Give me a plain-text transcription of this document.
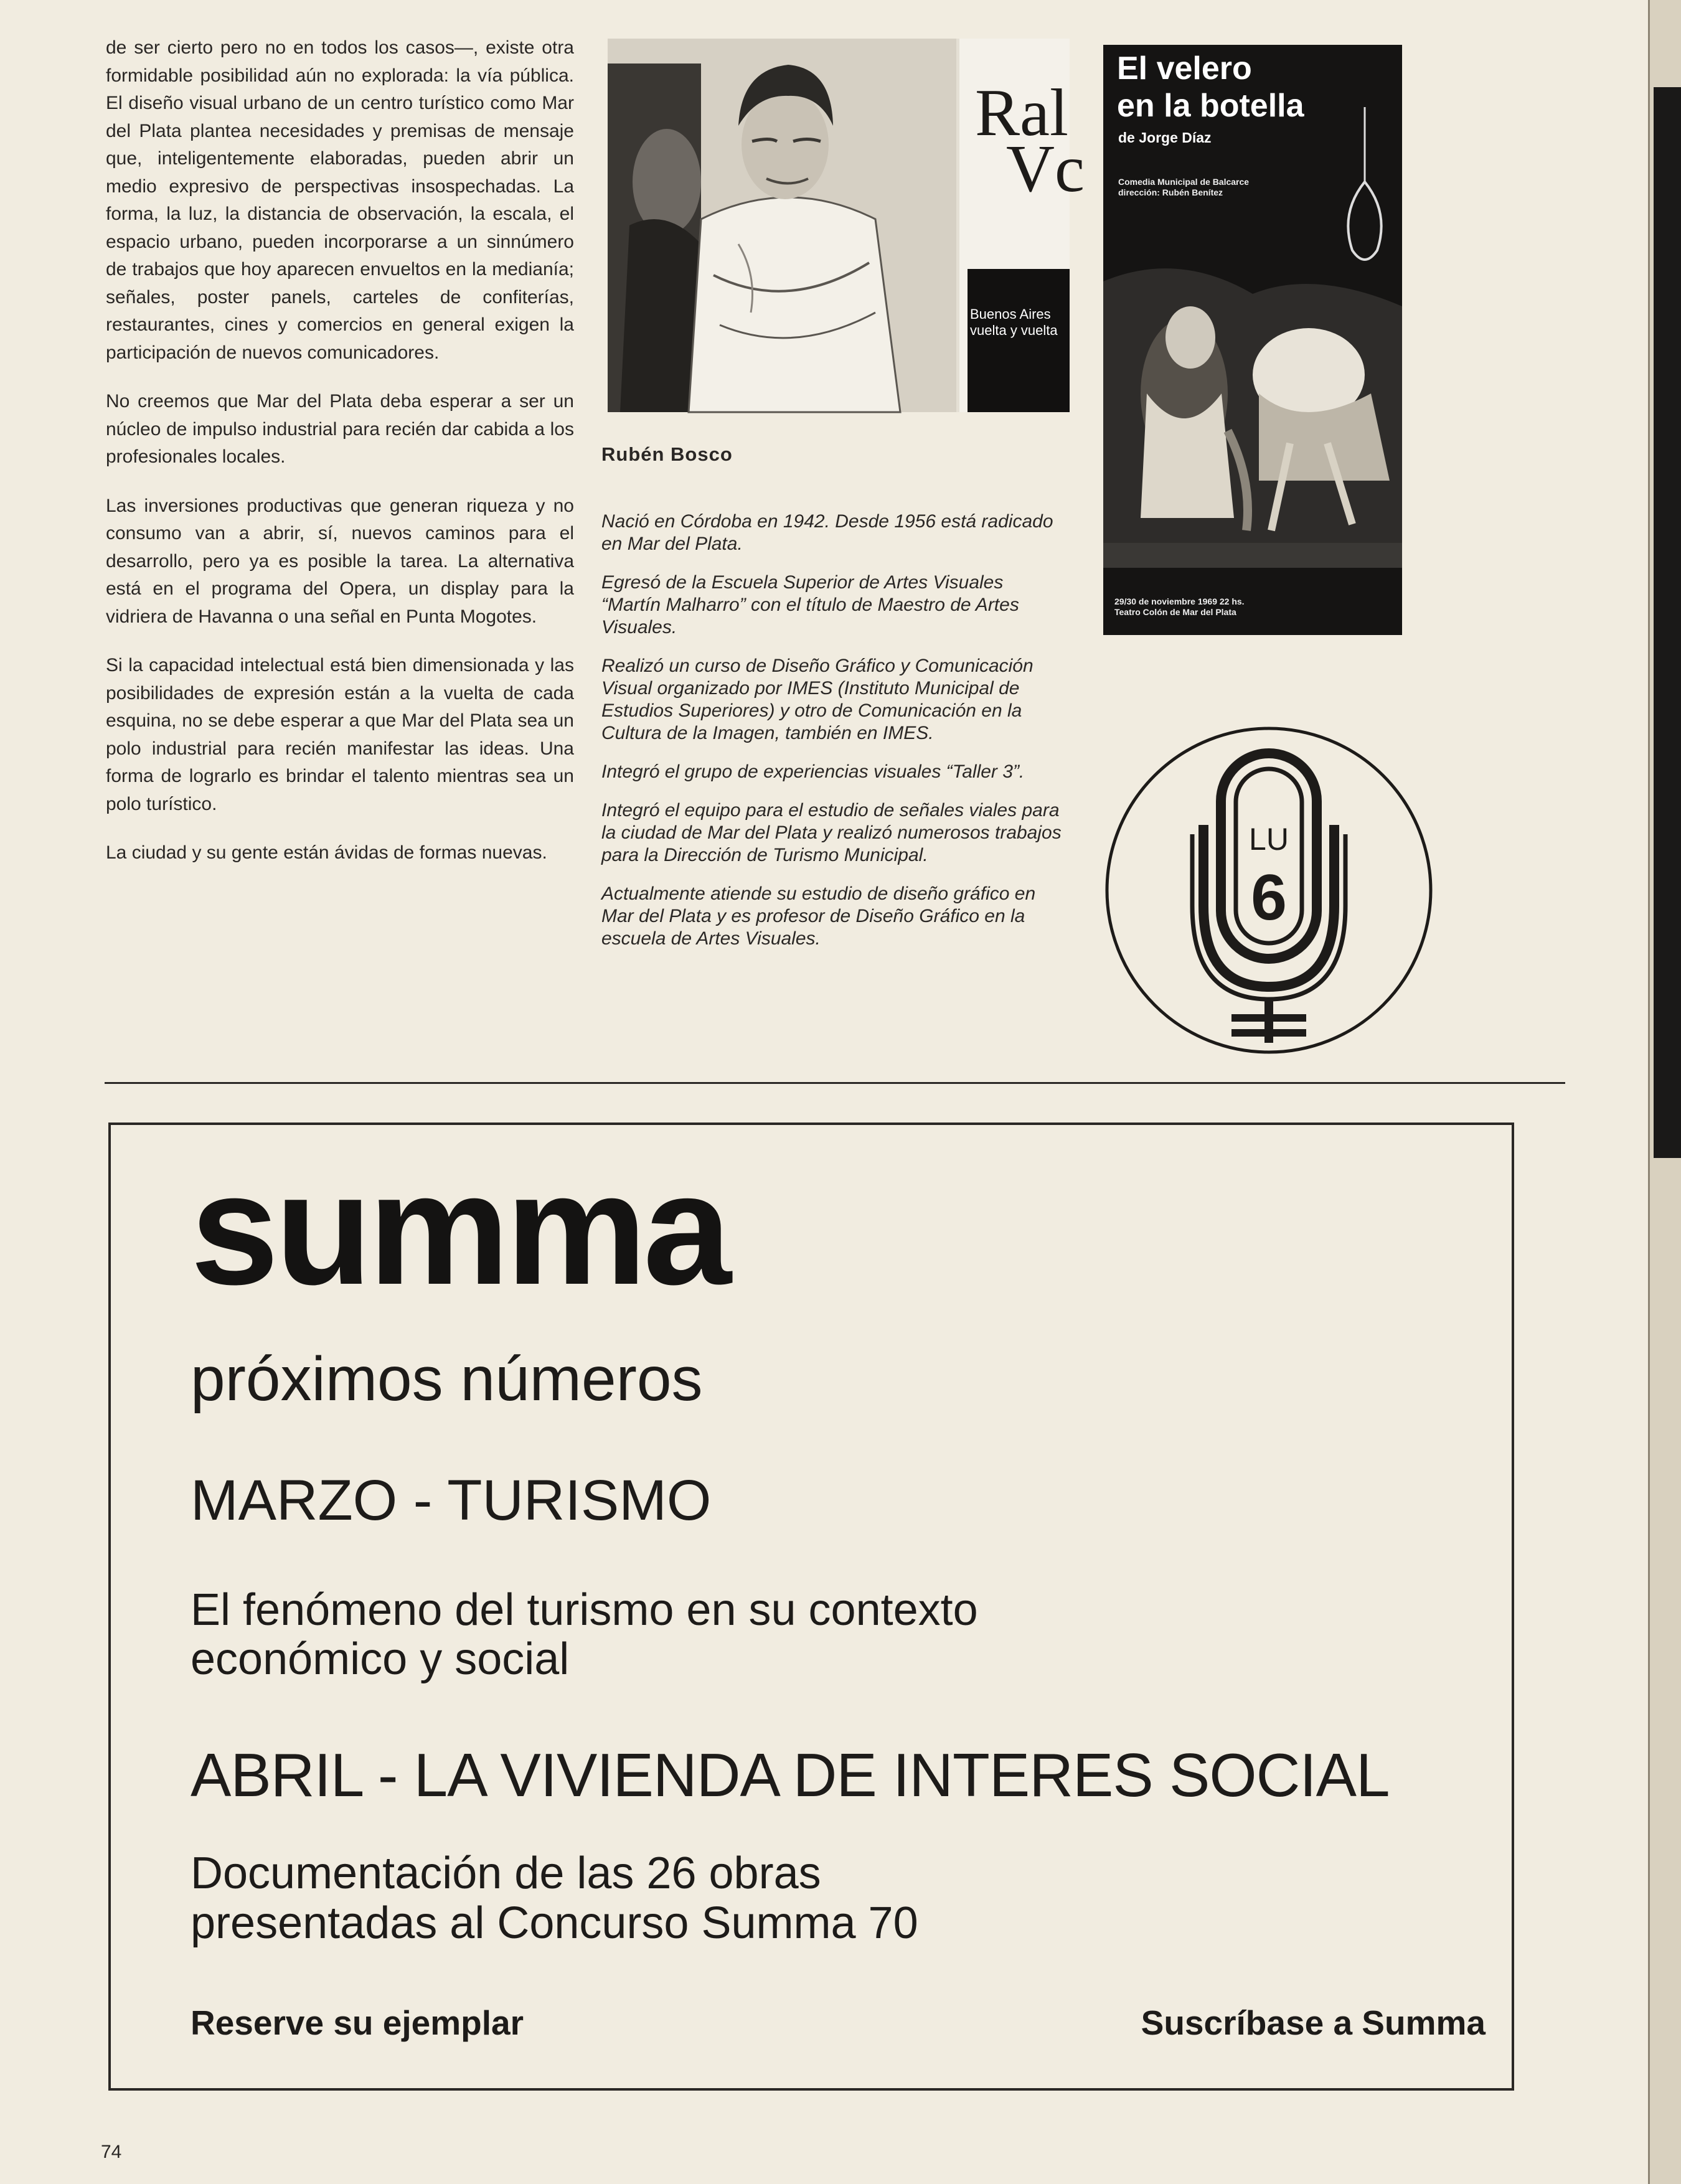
de ser cierto pero no en todos los casos—, existe otra formidable posibilidad aún no explorada: la vía pública. El diseño visual urbano de un centro turístico como Mar del Plata plantea necesidades y premisas de mensaje que, inteligentemente elaboradas, pueden abrir un medio expresivo de perspectivas insospechadas. La forma, la luz, la distancia de observación, la escala, el espacio urbano, pueden incorporarse a un sinnúmero de trabajos que hoy aparecen envueltos en la medianía; señales, poster panels, carteles de confiterías, restaurantes, cines y comercios en general exigen la participación de nuevos comunicadores.

No creemos que Mar del Plata deba esperar a ser un núcleo de impulso industrial para recién dar cabida a los profesionales locales.

Las inversiones productivas que generan riqueza y no consumo van a abrir, sí, nuevos caminos para el desarrollo, pero ya es posible la tarea. La alternativa está en el programa del Opera, un display para la vidriera de Havanna o una señal en Punta Mogotes.

Si la capacidad intelectual está bien dimensionada y las posibilidades de expresión están a la vuelta de cada esquina, no se debe esperar a que Mar del Plata sea un polo industrial para recién manifestar las ideas. Una forma de lograrlo es brindar el talento mientras sea un polo turístico.

La ciudad y su gente están ávidas de formas nuevas.

Ral
Vc
Buenos Aires vuelta y vuelta
Rubén Bosco

Nació en Córdoba en 1942. Desde 1956 está radicado en Mar del Plata.

Egresó de la Escuela Superior de Artes Visuales “Martín Malharro” con el título de Maestro de Artes Visuales.

Realizó un curso de Diseño Gráfico y Comunicación Visual organizado por IMES (Instituto Municipal de Estudios Superiores) y otro de Comunicación en la Cultura de la Imagen, también en IMES.

Integró el grupo de experiencias visuales “Taller 3”.

Integró el equipo para el estudio de señales viales para la ciudad de Mar del Plata y realizó numerosos trabajos para la Dirección de Turismo Municipal.

Actualmente atiende su estudio de diseño gráfico en Mar del Plata y es profesor de Diseño Gráfico en la escuela de Artes Visuales.

El velero
en la botella
de Jorge Díaz
Comedia Municipal de Balcarce
dirección: Rubén Benítez
29/30 de noviembre 1969 22 hs.
Teatro Colón de Mar del Plata
LU
6
summa
próximos números
MARZO - TURISMO
El fenómeno del turismo en su contexto
económico y social
ABRIL - LA VIVIENDA DE INTERES SOCIAL
Documentación de las 26 obras
presentadas al Concurso Summa 70
Reserve su ejemplar	Suscríbase a Summa
74
